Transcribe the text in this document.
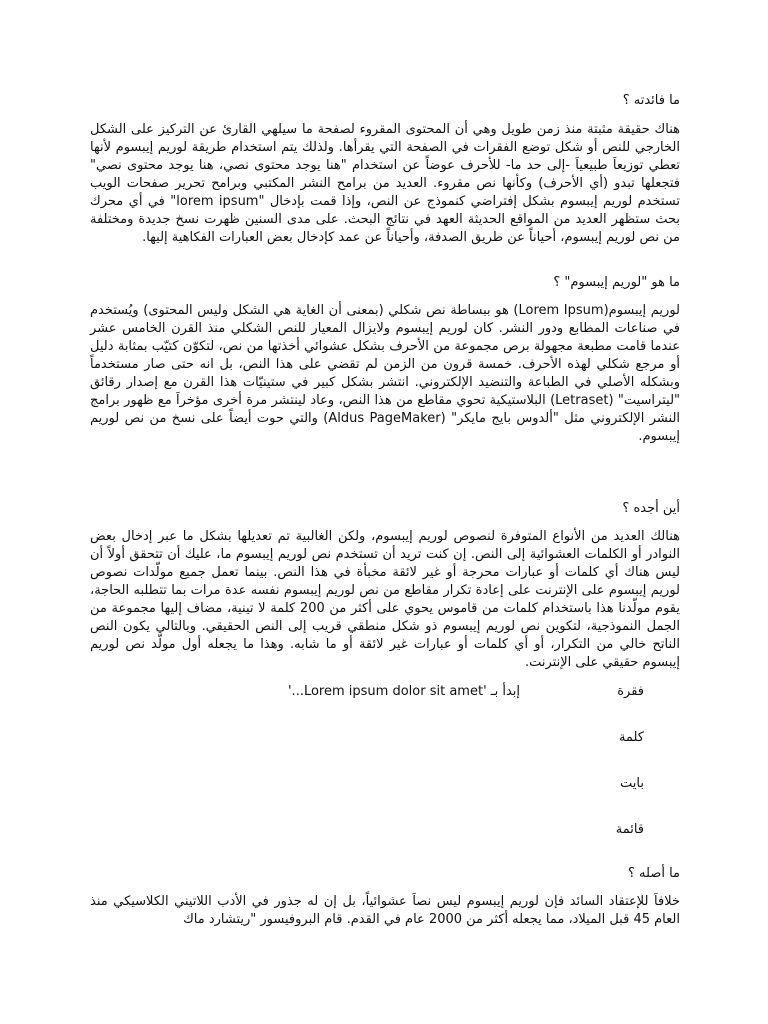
ما فائدته ؟

هناك حقيقة مثبتة منذ زمن طويل وهي أن المحتوى المقروء لصفحة ما سيلهي القارئ عن التركيز على الشكل الخارجي للنص أو شكل توضع الفقرات في الصفحة التي يقرأها. ولذلك يتم استخدام طريقة لوريم إيبسوم لأنها تعطي توزيعاَ طبيعياَ -إلى حد ما- للأحرف عوضاً عن استخدام "هنا يوجد محتوى نصي، هنا يوجد محتوى نصي" فتجعلها تبدو (أي الأحرف) وكأنها نص مقروء. العديد من برامح النشر المكتبي وبرامح تحرير صفحات الويب تستخدم لوريم إيبسوم بشكل إفتراضي كنموذج عن النص، وإذا قمت بإدخال "lorem ipsum" في أي محرك بحث ستظهر العديد من المواقع الحديثة العهد في نتائج البحث. على مدى السنين ظهرت نسخ جديدة ومختلفة من نص لوريم إيبسوم، أحياناً عن طريق الصدفة، وأحياناً عن عمد كإدخال بعض العبارات الفكاهية إليها.

ما هو "لوريم إيبسوم" ؟

لوريم إيبسوم(Lorem Ipsum) هو ببساطة نص شكلي (بمعنى أن الغاية هي الشكل وليس المحتوى) ويُستخدم في صناعات المطابع ودور النشر. كان لوريم إيبسوم ولايزال المعيار للنص الشكلي منذ القرن الخامس عشر عندما قامت مطبعة مجهولة برص مجموعة من الأحرف بشكل عشوائي أخذتها من نص، لتكوّن كتيّب بمثابة دليل أو مرجع شكلي لهذه الأحرف. خمسة قرون من الزمن لم تقضي على هذا النص، بل انه حتى صار مستخدماً وبشكله الأصلي في الطباعة والتنضيد الإلكتروني. انتشر بشكل كبير في ستينيّات هذا القرن مع إصدار رقائق "ليتراسيت" (Letraset) البلاستيكية تحوي مقاطع من هذا النص، وعاد لينتشر مرة أخرى مؤخراَ مع ظهور برامج النشر الإلكتروني مثل "ألدوس بايج مايكر" (Aldus PageMaker) والتي حوت أيضاً على نسخ من نص لوريم إيبسوم.

أين أجده ؟

هنالك العديد من الأنواع المتوفرة لنصوص لوريم إيبسوم، ولكن الغالبية تم تعديلها بشكل ما عبر إدخال بعض النوادر أو الكلمات العشوائية إلى النص. إن كنت تريد أن تستخدم نص لوريم إيبسوم ما، عليك أن تتحقق أولاً أن ليس هناك أي كلمات أو عبارات محرجة أو غير لائقة مخبأة في هذا النص. بينما تعمل جميع مولّدات نصوص لوريم إيبسوم على الإنترنت على إعادة تكرار مقاطع من نص لوريم إيبسوم نفسه عدة مرات بما تتطلبه الحاجة، يقوم مولّدنا هذا باستخدام كلمات من قاموس يحوي على أكثر من 200 كلمة لا تينية، مضاف إليها مجموعة من الجمل النموذجية، لتكوين نص لوريم إيبسوم ذو شكل منطقي قريب إلى النص الحقيقي. وبالتالي يكون النص الناتح خالي من التكرار، أو أي كلمات أو عبارات غير لائقة أو ما شابه. وهذا ما يجعله أول مولّد نص لوريم إيبسوم حقيقي على الإنترنت.

إبدأ بـ 'Lorem ipsum dolor sit amet...'	فقرة
كلمة
بايت
قائمة
ما أصله ؟

خلافاَ للإعتقاد السائد فإن لوريم إيبسوم ليس نصاَ عشوائياً، بل إن له جذور في الأدب اللاتيني الكلاسيكي منذ العام 45 قبل الميلاد، مما يجعله أكثر من 2000 عام في القدم. قام البروفيسور "ريتشارد ماك
